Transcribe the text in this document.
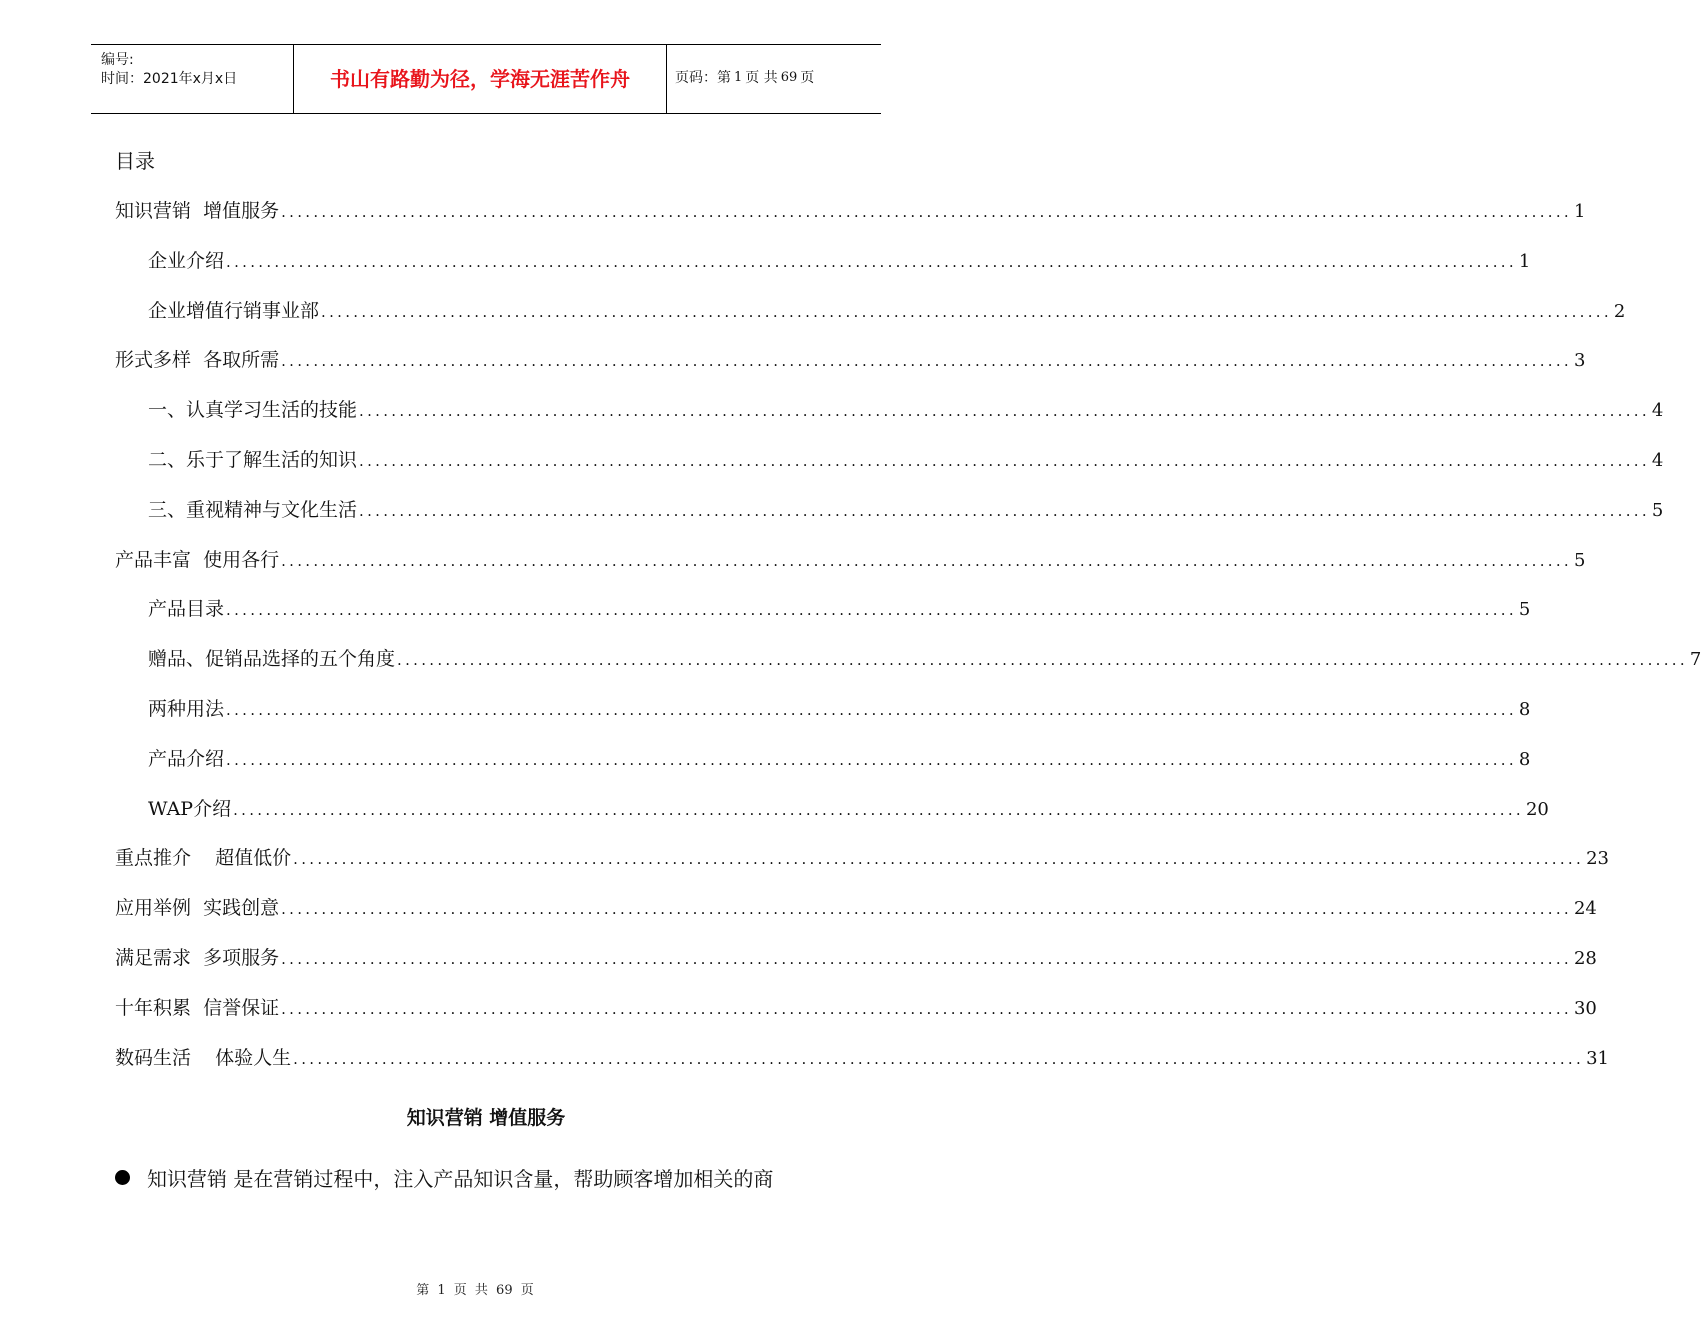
编号:
时间：2021年x月x日	书山有路勤为径，学海无涯苦作舟	页码：第 1 页 共 69 页
目录
知识营销  增值服务 ................................................................................................................................................................ 1
企业介绍 ................................................................................................................................................................ 1
企业增值行销事业部 ................................................................................................................................................................ 2
形式多样  各取所需 ................................................................................................................................................................ 3
一、认真学习生活的技能 ................................................................................................................................................................ 4
二、乐于了解生活的知识 ................................................................................................................................................................ 4
三、重视精神与文化生活 ................................................................................................................................................................ 5
产品丰富  使用各行 ................................................................................................................................................................ 5
产品目录 ................................................................................................................................................................ 5
赠品、促销品选择的五个角度 ................................................................................................................................................................ 7
两种用法 ................................................................................................................................................................ 8
产品介绍 ................................................................................................................................................................ 8
WAP介绍 ................................................................................................................................................................ 20
重点推介    超值低价 ................................................................................................................................................................ 23
应用举例  实践创意 ................................................................................................................................................................ 24
满足需求  多项服务 ................................................................................................................................................................ 28
十年积累  信誉保证 ................................................................................................................................................................ 30
数码生活    体验人生 ................................................................................................................................................................ 31
知识营销 增值服务
知识营销 是在营销过程中，注入产品知识含量，帮助顾客增加相关的商
第 1 页 共 69 页
